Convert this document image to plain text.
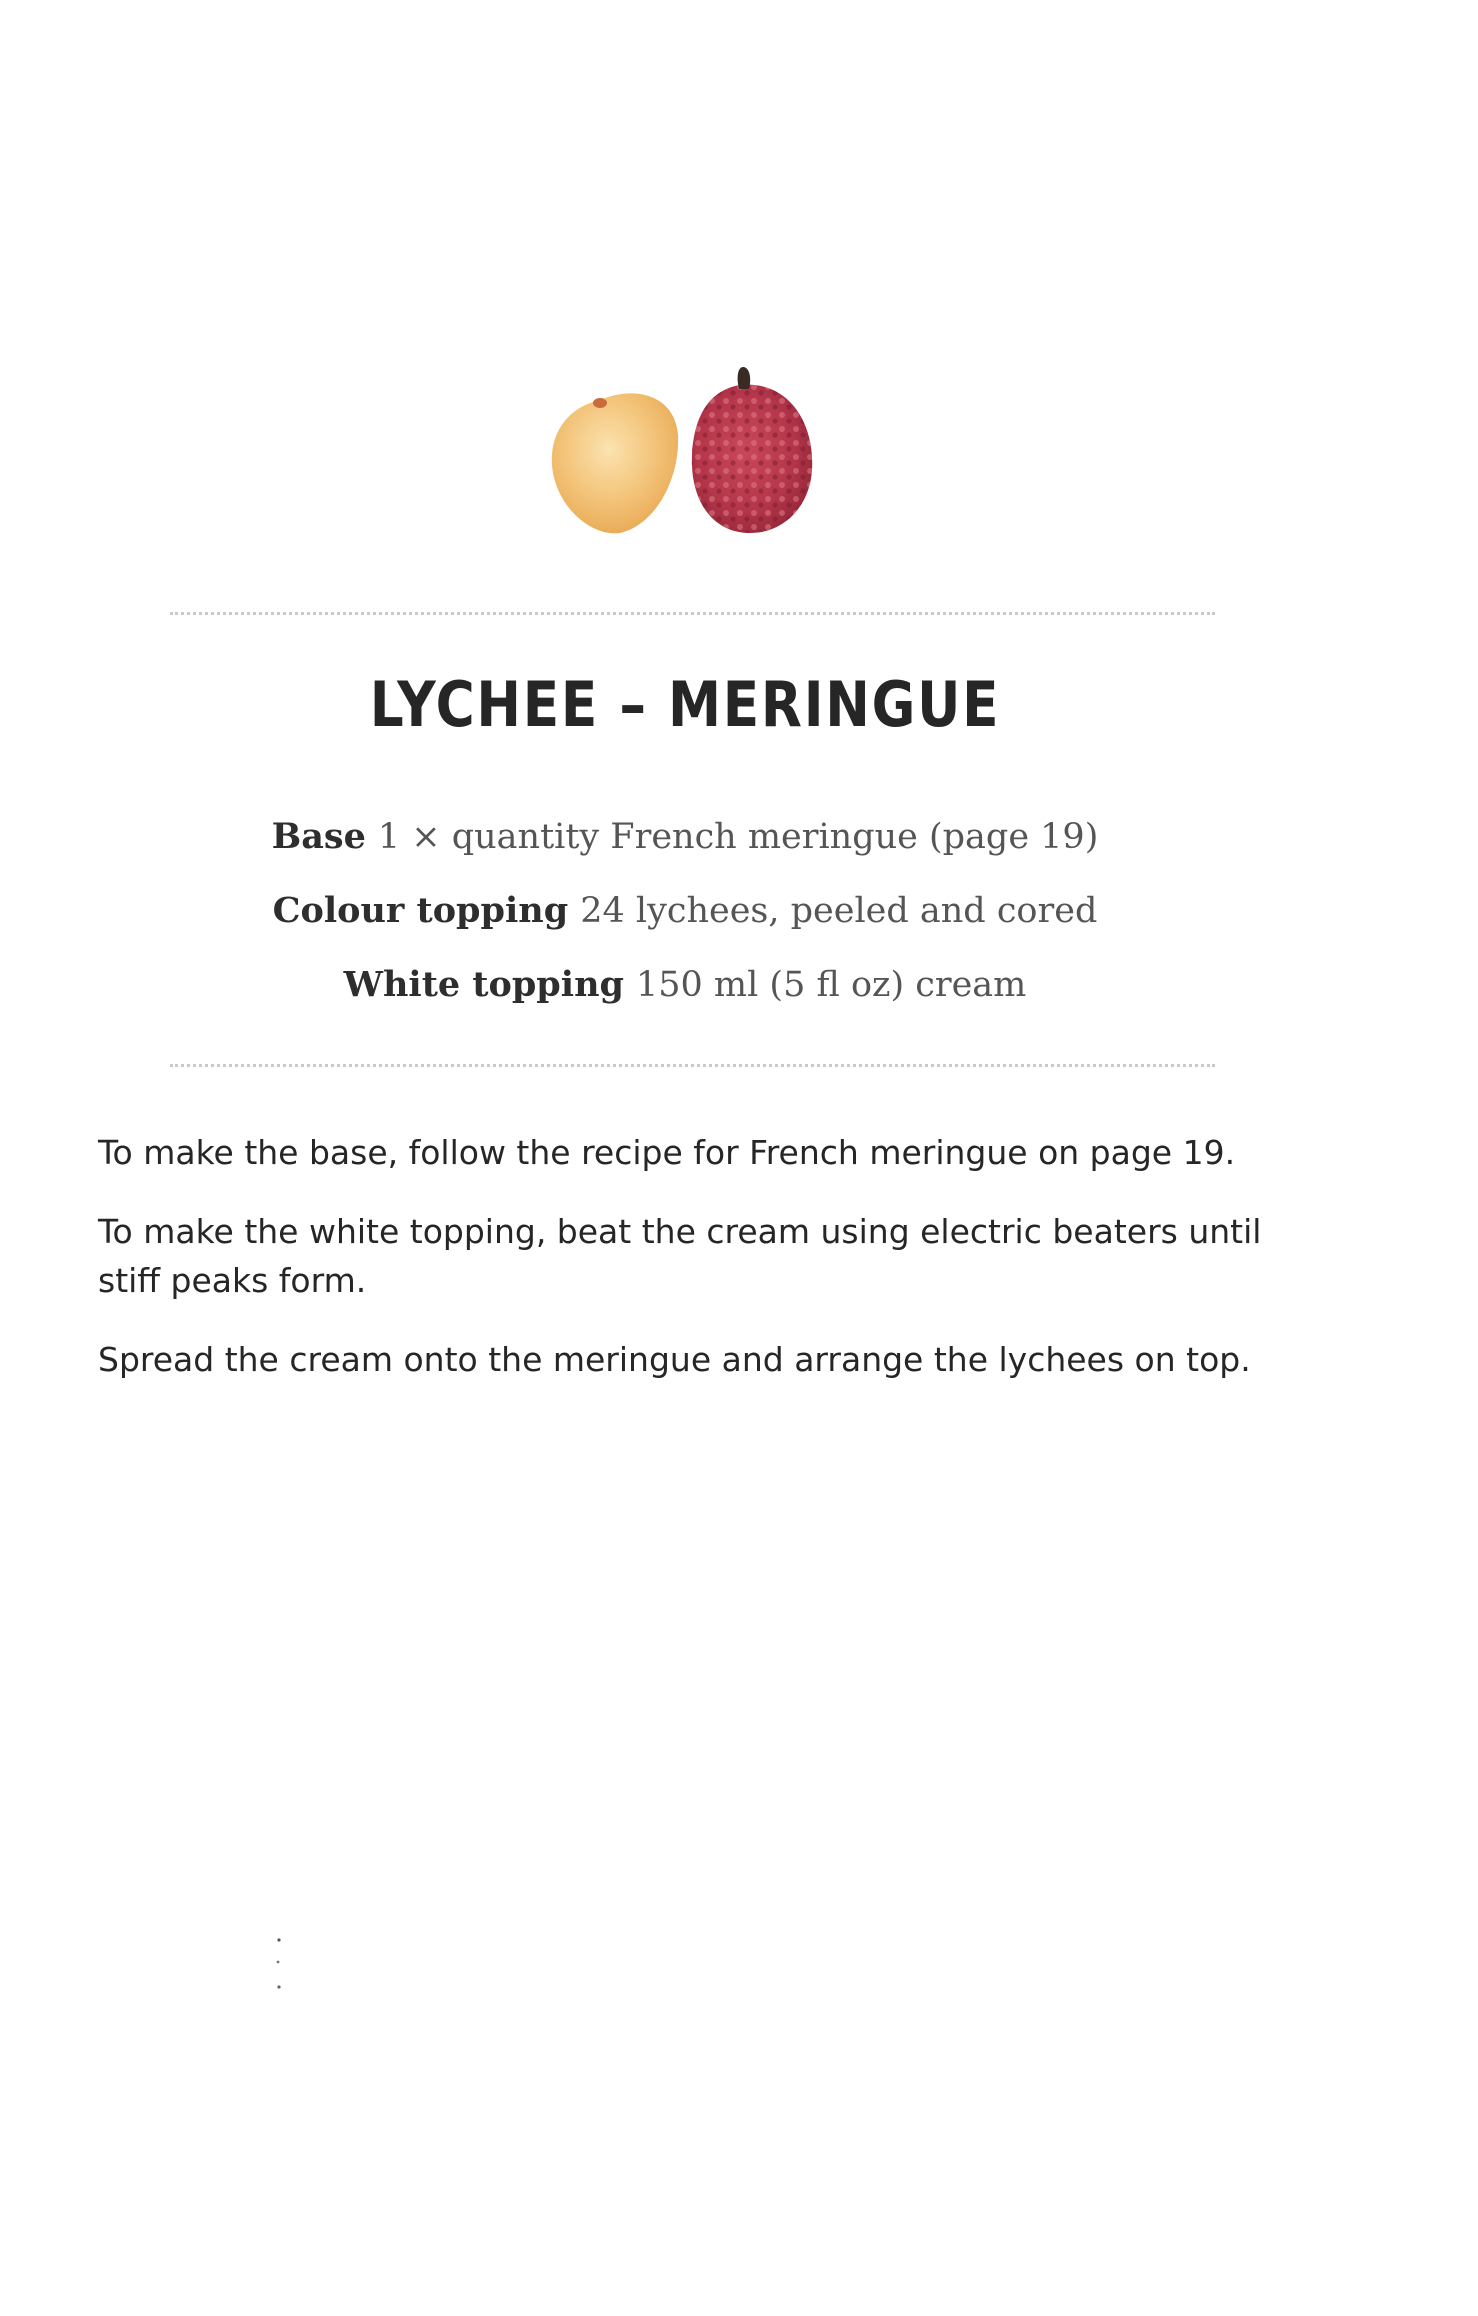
LYCHEE – MERINGUE
Base 1 × quantity French meringue (page 19)
Colour topping 24 lychees, peeled and cored
White topping 150 ml (5 fl oz) cream

To make the base, follow the recipe for French meringue on page 19.

To make the white topping, beat the cream using electric beaters until stiff peaks form.

Spread the cream onto the meringue and arrange the lychees on top.
